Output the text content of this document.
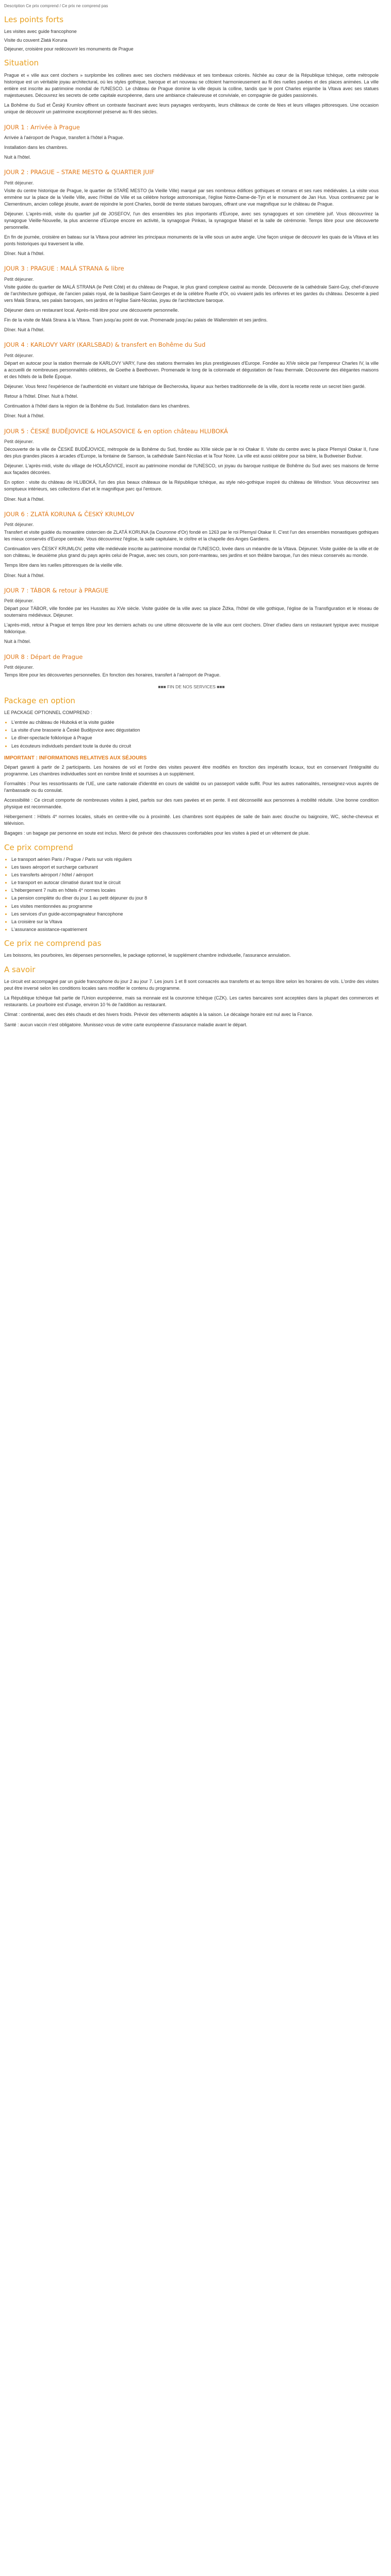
Description Ce prix comprend / Ce prix ne comprend pas
Les points forts

Les visites avec guide francophone

Visite du couvent Zlatá Koruna

Déjeuner, croisière pour redécouvrir les monuments de Prague

Situation

Prague et « ville aux cent clochers » surplombe les collines avec ses clochers médiévaux et ses tombeaux colorés. Nichée au cœur de la République tchèque, cette métropole historique est un véritable joyau architectural, où les styles gothique, baroque et art nouveau se côtoient harmonieusement au fil des ruelles pavées et des places animées. La ville entière est inscrite au patrimoine mondial de l'UNESCO. Le château de Prague domine la ville depuis la colline, tandis que le pont Charles enjambe la Vltava avec ses statues majestueuses. Découvrez les secrets de cette capitale européenne, dans une ambiance chaleureuse et conviviale, en compagnie de guides passionnés.

La Bohême du Sud et Český Krumlov offrent un contraste fascinant avec leurs paysages verdoyants, leurs châteaux de conte de fées et leurs villages pittoresques. Une occasion unique de découvrir un patrimoine exceptionnel préservé au fil des siècles.

JOUR 1 : Arrivée à Prague

Arrivée à l'aéroport de Prague, transfert à l'hôtel à Prague.

Installation dans les chambres.

Nuit à l'hôtel.

JOUR 2 : PRAGUE – STARE MESTO & QUARTIER JUIF

Petit déjeuner.

Visite du centre historique de Prague, le quartier de STARÉ MESTO (la Vieille Ville) marqué par ses nombreux édifices gothiques et romans et ses rues médiévales. La visite vous emmène sur la place de la Vieille Ville, avec l'Hôtel de Ville et sa célèbre horloge astronomique, l'église Notre-Dame-de-Týn et le monument de Jan Hus. Vous continuerez par le Clementinum, ancien collège jésuite, avant de rejoindre le pont Charles, bordé de trente statues baroques, offrant une vue magnifique sur le château de Prague.

Déjeuner. L'après-midi, visite du quartier juif de JOSEFOV, l'un des ensembles les plus importants d'Europe, avec ses synagogues et son cimetière juif. Vous découvrirez la synagogue Vieille-Nouvelle, la plus ancienne d'Europe encore en activité, la synagogue Pinkas, la synagogue Maisel et la salle de cérémonie. Temps libre pour une découverte personnelle.

En fin de journée, croisière en bateau sur la Vltava pour admirer les principaux monuments de la ville sous un autre angle. Une façon unique de découvrir les quais de la Vltava et les ponts historiques qui traversent la ville.

Dîner. Nuit à l'hôtel.

JOUR 3 : PRAGUE : MALÁ STRANA & libre

Petit déjeuner.

Visite guidée du quartier de MALÁ STRANA (le Petit Côté) et du château de Prague, le plus grand complexe castral au monde. Découverte de la cathédrale Saint-Guy, chef-d'œuvre de l'architecture gothique, de l'ancien palais royal, de la basilique Saint-Georges et de la célèbre Ruelle d'Or, où vivaient jadis les orfèvres et les gardes du château. Descente à pied vers Malá Strana, ses palais baroques, ses jardins et l'église Saint-Nicolas, joyau de l'architecture baroque.

Déjeuner dans un restaurant local. Après-midi libre pour une découverte personnelle.

Fin de la visite de Malá Strana à la Vltava. Tram jusqu'au point de vue. Promenade jusqu'au palais de Wallenstein et ses jardins.

Dîner. Nuit à l'hôtel.

JOUR 4 : KARLOVY VARY (KARLSBAD) & transfert en Bohême du Sud

Petit déjeuner.

Départ en autocar pour la station thermale de KARLOVY VARY, l'une des stations thermales les plus prestigieuses d'Europe. Fondée au XIVe siècle par l'empereur Charles IV, la ville a accueilli de nombreuses personnalités célèbres, de Goethe à Beethoven. Promenade le long de la colonnade et dégustation de l'eau thermale. Découverte des élégantes maisons et des hôtels de la Belle Époque.

Déjeuner. Vous ferez l'expérience de l'authenticité en visitant une fabrique de Becherovka, liqueur aux herbes traditionnelle de la ville, dont la recette reste un secret bien gardé.

Retour à l'hôtel. Dîner. Nuit à l'hôtel.

Continuation à l'hôtel dans la région de la Bohême du Sud. Installation dans les chambres.

Dîner. Nuit à l'hôtel.

JOUR 5 : ČESKÉ BUDĚJOVICE & HOLASOVICE & en option château HLUBOKÁ

Petit déjeuner.

Découverte de la ville de ČESKÉ BUDĚJOVICE, métropole de la Bohême du Sud, fondée au XIIIe siècle par le roi Otakar II. Visite du centre avec la place Přemysl Otakar II, l'une des plus grandes places à arcades d'Europe, la fontaine de Samson, la cathédrale Saint-Nicolas et la Tour Noire. La ville est aussi célèbre pour sa bière, la Budweiser Budvar.

Déjeuner. L'après-midi, visite du village de HOLAŠOVICE, inscrit au patrimoine mondial de l'UNESCO, un joyau du baroque rustique de Bohême du Sud avec ses maisons de ferme aux façades décorées.

En option : visite du château de HLUBOKÁ, l'un des plus beaux châteaux de la République tchèque, au style néo-gothique inspiré du château de Windsor. Vous découvrirez ses somptueux intérieurs, ses collections d'art et le magnifique parc qui l'entoure.

Dîner. Nuit à l'hôtel.

JOUR 6 : ZLATÁ KORUNA & ČESKÝ KRUMLOV

Petit déjeuner.

Transfert et visite guidée du monastère cistercien de ZLATÁ KORUNA (la Couronne d'Or) fondé en 1263 par le roi Přemysl Otakar II. C'est l'un des ensembles monastiques gothiques les mieux conservés d'Europe centrale. Vous découvrirez l'église, la salle capitulaire, le cloître et la chapelle des Anges Gardiens.

Continuation vers ČESKÝ KRUMLOV, petite ville médiévale inscrite au patrimoine mondial de l'UNESCO, lovée dans un méandre de la Vltava. Déjeuner. Visite guidée de la ville et de son château, le deuxième plus grand du pays après celui de Prague, avec ses cours, son pont-manteau, ses jardins et son théâtre baroque, l'un des mieux conservés au monde.

Temps libre dans les ruelles pittoresques de la vieille ville.

Dîner. Nuit à l'hôtel.

JOUR 7 : TÁBOR & retour à PRAGUE

Petit déjeuner.

Départ pour TÁBOR, ville fondée par les Hussites au XVe siècle. Visite guidée de la ville avec sa place Žižka, l'hôtel de ville gothique, l'église de la Transfiguration et le réseau de souterrains médiévaux. Déjeuner.

L'après-midi, retour à Prague et temps libre pour les derniers achats ou une ultime découverte de la ville aux cent clochers. Dîner d'adieu dans un restaurant typique avec musique folklorique.

Nuit à l'hôtel.

JOUR 8 : Départ de Prague

Petit déjeuner.

Temps libre pour les découvertes personnelles. En fonction des horaires, transfert à l'aéroport de Prague.

■■■ FIN DE NOS SERVICES ■■■
Package en option

LE PACKAGE OPTIONNEL COMPREND :

• L'entrée au château de Hluboká et la visite guidée
• La visite d'une brasserie à České Budějovice avec dégustation
• Le dîner-spectacle folklorique à Prague
• Les écouteurs individuels pendant toute la durée du circuit
IMPORTANT : INFORMATIONS RELATIVES AUX SÉJOURS

Départ garanti à partir de 2 participants. Les horaires de vol et l'ordre des visites peuvent être modifiés en fonction des impératifs locaux, tout en conservant l'intégralité du programme. Les chambres individuelles sont en nombre limité et soumises à un supplément.

Formalités : Pour les ressortissants de l'UE, une carte nationale d'identité en cours de validité ou un passeport valide suffit. Pour les autres nationalités, renseignez-vous auprès de l'ambassade ou du consulat.

Accessibilité : Ce circuit comporte de nombreuses visites à pied, parfois sur des rues pavées et en pente. Il est déconseillé aux personnes à mobilité réduite. Une bonne condition physique est recommandée.

Hébergement : Hôtels 4* normes locales, situés en centre-ville ou à proximité. Les chambres sont équipées de salle de bain avec douche ou baignoire, WC, sèche-cheveux et télévision.

Bagages : un bagage par personne en soute est inclus. Merci de prévoir des chaussures confortables pour les visites à pied et un vêtement de pluie.

Ce prix comprend
• Le transport aérien Paris / Prague / Paris sur vols réguliers
• Les taxes aéroport et surcharge carburant
• Les transferts aéroport / hôtel / aéroport
• Le transport en autocar climatisé durant tout le circuit
• L'hébergement 7 nuits en hôtels 4* normes locales
• La pension complète du dîner du jour 1 au petit déjeuner du jour 8
• Les visites mentionnées au programme
• Les services d'un guide-accompagnateur francophone
• La croisière sur la Vltava
• L'assurance assistance-rapatriement
Ce prix ne comprend pas

Les boissons, les pourboires, les dépenses personnelles, le package optionnel, le supplément chambre individuelle, l'assurance annulation.

A savoir

Le circuit est accompagné par un guide francophone du jour 2 au jour 7. Les jours 1 et 8 sont consacrés aux transferts et au temps libre selon les horaires de vols. L'ordre des visites peut être inversé selon les conditions locales sans modifier le contenu du programme.

La République tchèque fait partie de l'Union européenne, mais sa monnaie est la couronne tchèque (CZK). Les cartes bancaires sont acceptées dans la plupart des commerces et restaurants. Le pourboire est d'usage, environ 10 % de l'addition au restaurant.

Climat : continental, avec des étés chauds et des hivers froids. Prévoir des vêtements adaptés à la saison. Le décalage horaire est nul avec la France.

Santé : aucun vaccin n'est obligatoire. Munissez-vous de votre carte européenne d'assurance maladie avant le départ.
